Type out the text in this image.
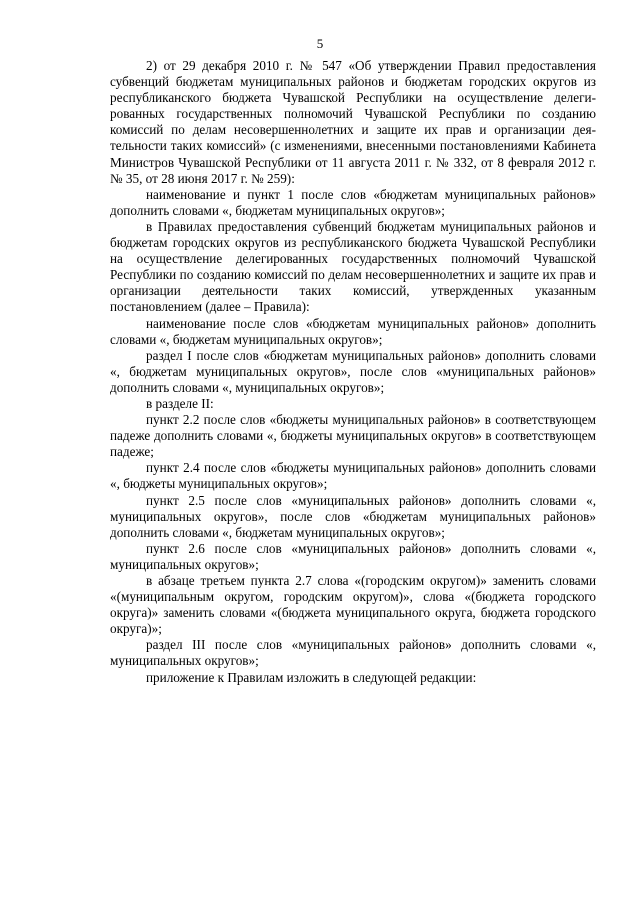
5

2) от 29 декабря 2010 г. № 547 «Об утверждении Правил предоставления субвенций бюджетам муниципальных районов и бюджетам городских округов из республиканского бюджета Чувашской Республики на осуществление делегированных государственных полномочий Чувашской Республики по созданию комиссий по делам несовершеннолетних и защите их прав и организации деятельности таких комиссий» (с изменениями, внесенными постановлениями Кабинета Министров Чувашской Республики от 11 августа 2011 г. № 332, от 8 февраля 2012 г. № 35, от 28 июня 2017 г. № 259):

наименование и пункт 1 после слов «бюджетам муниципальных районов» дополнить словами «, бюджетам муниципальных округов»;

в Правилах предоставления субвенций бюджетам муниципальных районов и бюджетам городских округов из республиканского бюджета Чувашской Республики на осуществление делегированных государственных полномочий Чувашской Республики по созданию комиссий по делам несовершеннолетних и защите их прав и организации деятельности таких комиссий, утвержденных указанным постановлением (далее – Правила):

наименование после слов «бюджетам муниципальных районов» дополнить словами «, бюджетам муниципальных округов»;

раздел I после слов «бюджетам муниципальных районов» дополнить словами «, бюджетам муниципальных округов», после слов «муниципальных районов» дополнить словами «, муниципальных округов»;

в разделе II:

пункт 2.2 после слов «бюджеты муниципальных районов» в соответствующем падеже дополнить словами «, бюджеты муниципальных округов» в соответствующем падеже;

пункт 2.4 после слов «бюджеты муниципальных районов» дополнить словами «, бюджеты муниципальных округов»;

пункт 2.5 после слов «муниципальных районов» дополнить словами «, муниципальных округов», после слов «бюджетам муниципальных районов» дополнить словами «, бюджетам муниципальных округов»;

пункт 2.6 после слов «муниципальных районов» дополнить словами «, муниципальных округов»;

в абзаце третьем пункта 2.7 слова «(городским округом)» заменить словами «(муниципальным округом, городским округом)», слова «(бюджета городского округа)» заменить словами «(бюджета муниципального округа, бюджета городского округа)»;

раздел III после слов «муниципальных районов» дополнить словами «, муниципальных округов»;

приложение к Правилам изложить в следующей редакции:
